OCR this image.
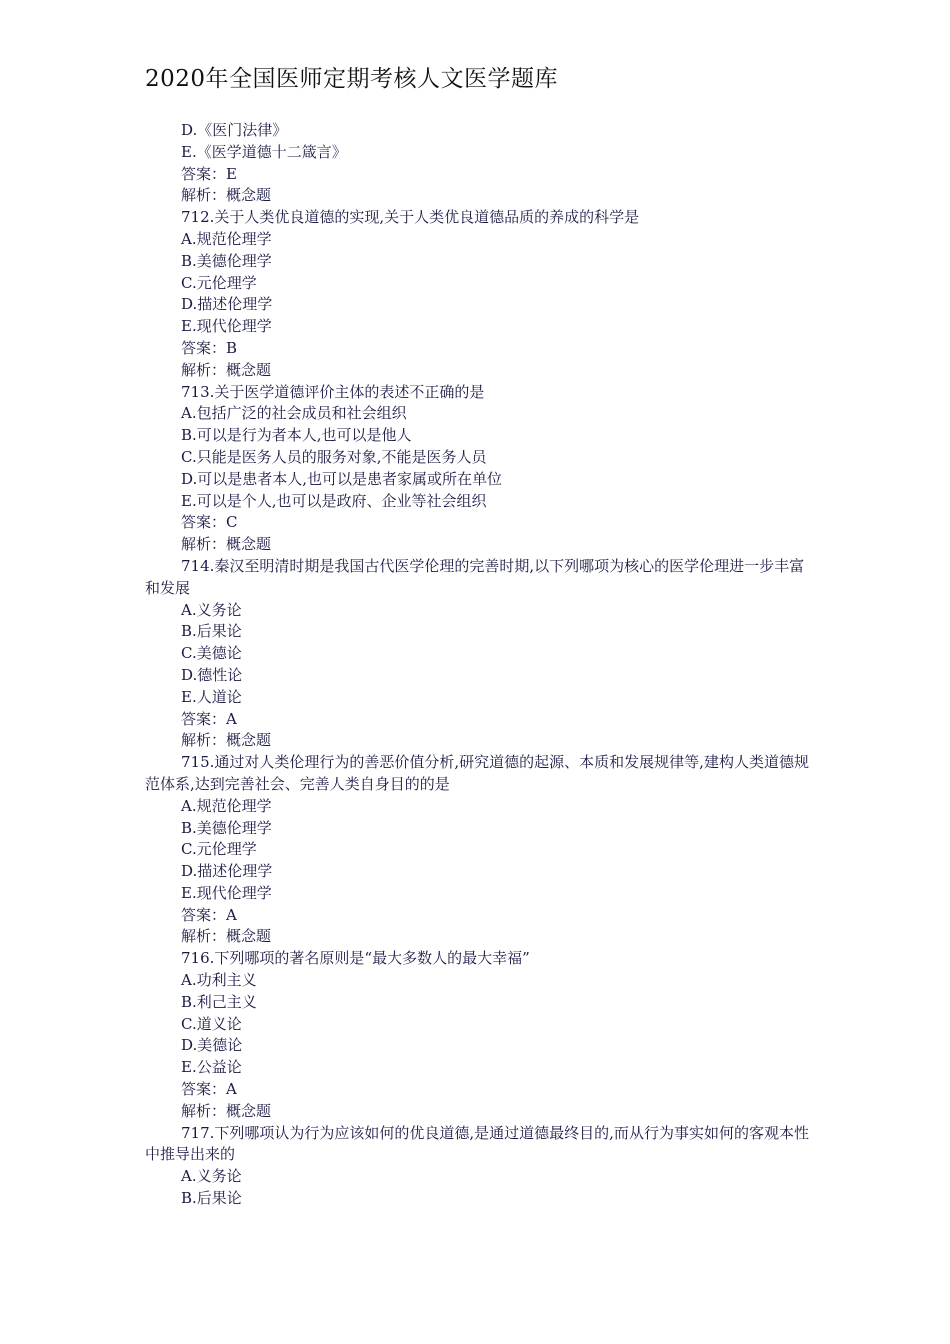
2020年全国医师定期考核人文医学题库
D.《医门法律》
E.《医学道德十二箴言》
答案：E
解析：概念题
712.关于人类优良道德的实现,关于人类优良道德品质的养成的科学是
A.规范伦理学
B.美德伦理学
C.元伦理学
D.描述伦理学
E.现代伦理学
答案：B
解析：概念题
713.关于医学道德评价主体的表述不正确的是
A.包括广泛的社会成员和社会组织
B.可以是行为者本人,也可以是他人
C.只能是医务人员的服务对象,不能是医务人员
D.可以是患者本人,也可以是患者家属或所在单位
E.可以是个人,也可以是政府、企业等社会组织
答案：C
解析：概念题
714.秦汉至明清时期是我国古代医学伦理的完善时期,以下列哪项为核心的医学伦理进一步丰富和发展
A.义务论
B.后果论
C.美德论
D.德性论
E.人道论
答案：A
解析：概念题
715.通过对人类伦理行为的善恶价值分析,研究道德的起源、本质和发展规律等,建构人类道德规范体系,达到完善社会、完善人类自身目的的是
A.规范伦理学
B.美德伦理学
C.元伦理学
D.描述伦理学
E.现代伦理学
答案：A
解析：概念题
716.下列哪项的著名原则是“最大多数人的最大幸福”
A.功利主义
B.利己主义
C.道义论
D.美德论
E.公益论
答案：A
解析：概念题
717.下列哪项认为行为应该如何的优良道德,是通过道德最终目的,而从行为事实如何的客观本性中推导出来的
A.义务论
B.后果论
